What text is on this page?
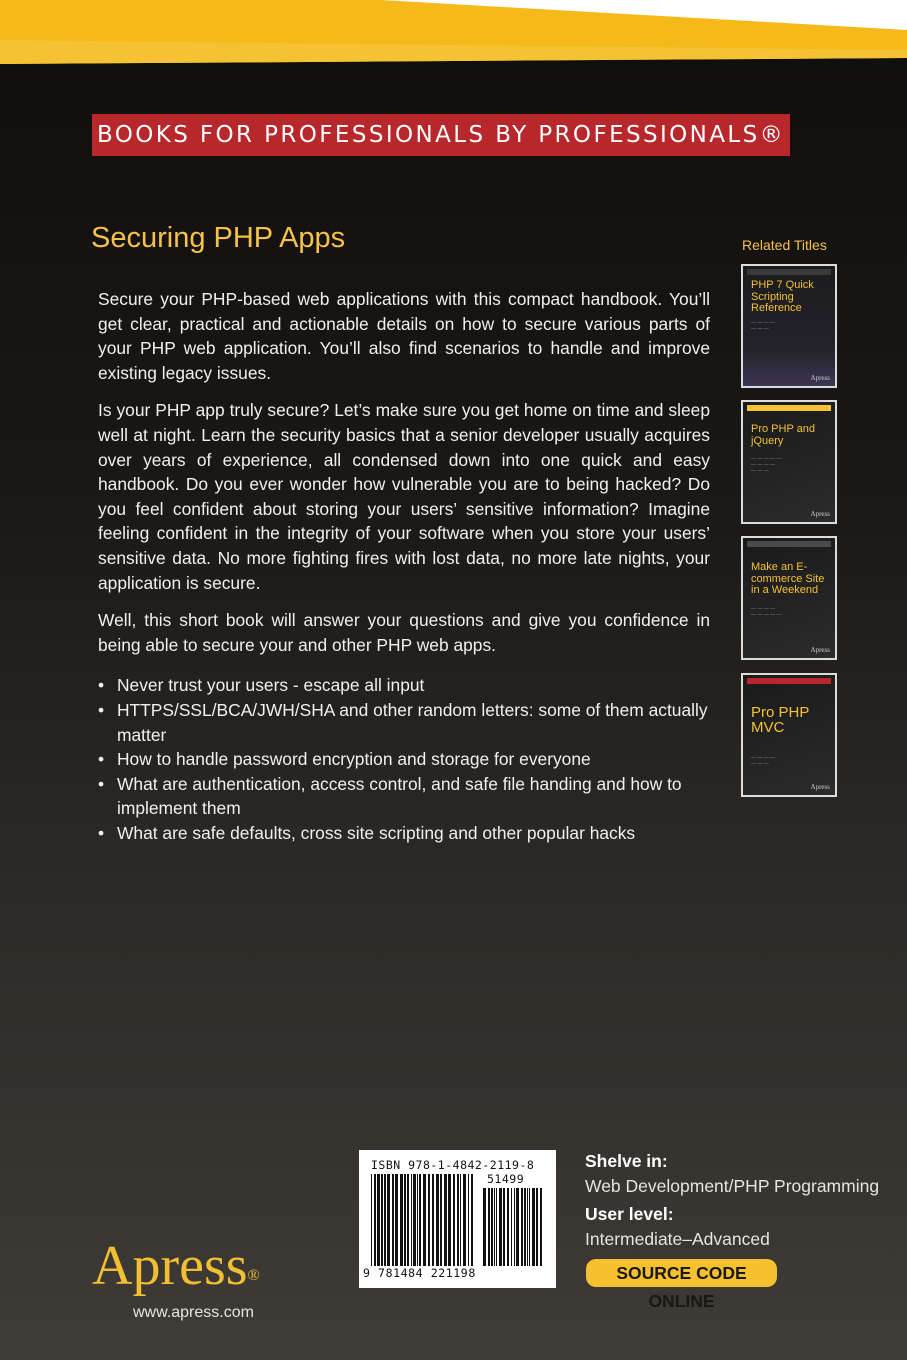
BOOKS FOR PROFESSIONALS BY PROFESSIONALS®
Securing PHP Apps	Related Titles

Secure your PHP-based web applications with this compact handbook. You’ll get clear, practical and actionable details on how to secure various parts of your PHP web application. You’ll also find scenarios to handle and improve existing legacy issues.

Is your PHP app truly secure? Let’s make sure you get home on time and sleep well at night. Learn the security basics that a senior developer usually acquires over years of experience, all condensed down into one quick and easy handbook. Do you ever wonder how vulnerable you are to being hacked? Do you feel confident about storing your users’ sensitive information? Imagine feeling confident in the integrity of your software when you store your users’ sensitive data. No more fighting fires with lost data, no more late nights, your application is secure.

Well, this short book will answer your questions and give you confidence in being able to secure your and other PHP web apps.

• Never trust your users - escape all input
• HTTPS/SSL/BCA/JWH/SHA and other random letters: some of them actually matter
• How to handle password encryption and storage for everyone
• What are authentication, access control, and safe file handing and how to implement them
• What are safe defaults, cross site scripting and other popular hacks
PHP 7 Quick Scripting Reference
— — — —
— — —
Apress
Pro PHP and jQuery
— — — — —
— — — —
— — —
Apress
Make an E-commerce Site in a Weekend
— — — —
— — — — —
Apress
Pro PHP MVC
— — — —
— — —
Apress
ISBN 978-1-4842-2119-8
51499
9 781484 221198
Shelve in:
Web Development/PHP Programming
User level:
Intermediate–Advanced
SOURCE CODE ONLINE
Apress®
www.apress.com
